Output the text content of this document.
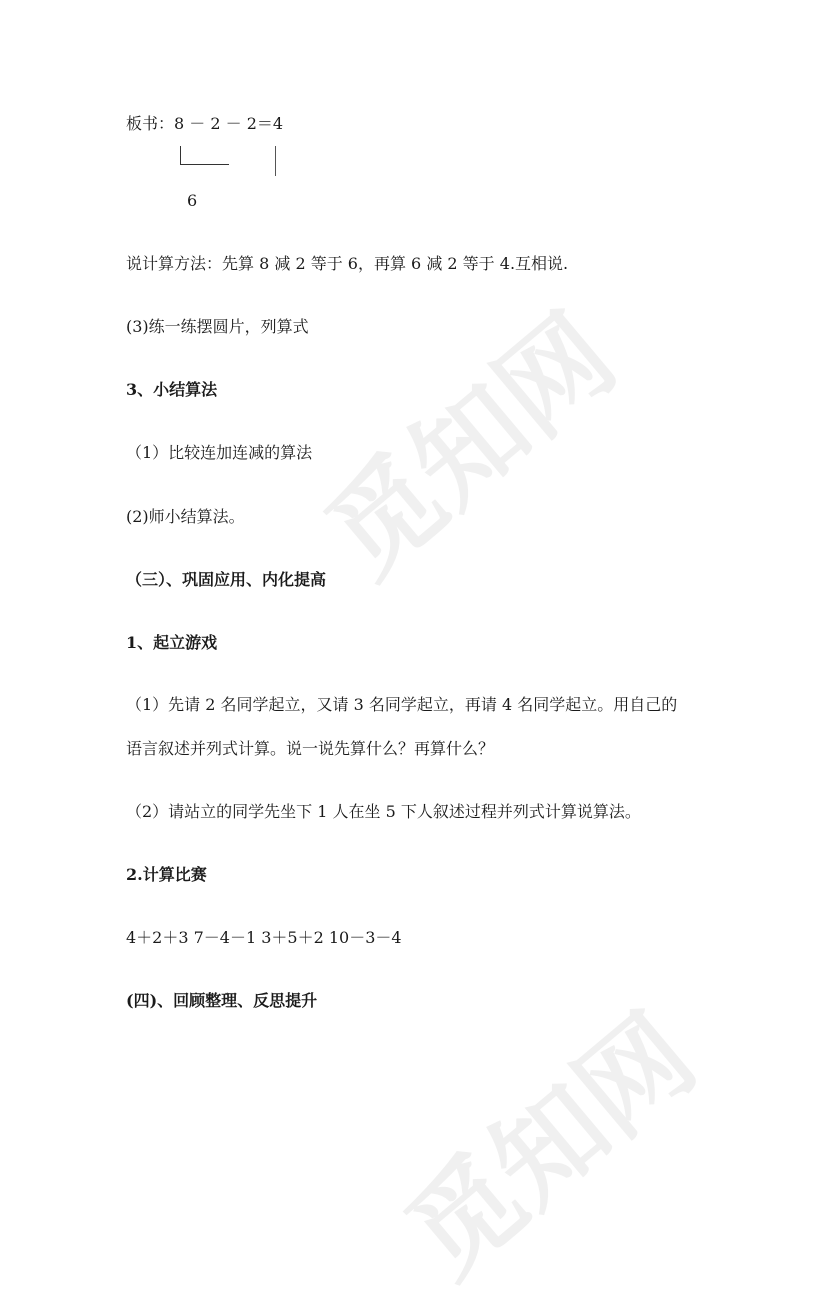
觅知网
觅知网
板书：8 － 2 － 2＝4
6
说计算方法：先算 8 减 2 等于 6，再算 6 减 2 等于 4.互相说.
(3)练一练摆圆片，列算式
3、小结算法
（1）比较连加连减的算法
(2)师小结算法。
（三）、巩固应用、内化提高
1、起立游戏
（1）先请 2 名同学起立，又请 3 名同学起立，再请 4 名同学起立。用自己的
语言叙述并列式计算。说一说先算什么？再算什么？
（2）请站立的同学先坐下 1 人在坐 5 下人叙述过程并列式计算说算法。
2.计算比赛
4＋2＋3 7－4－1 3＋5＋2 10－3－4
(四)、回顾整理、反思提升
